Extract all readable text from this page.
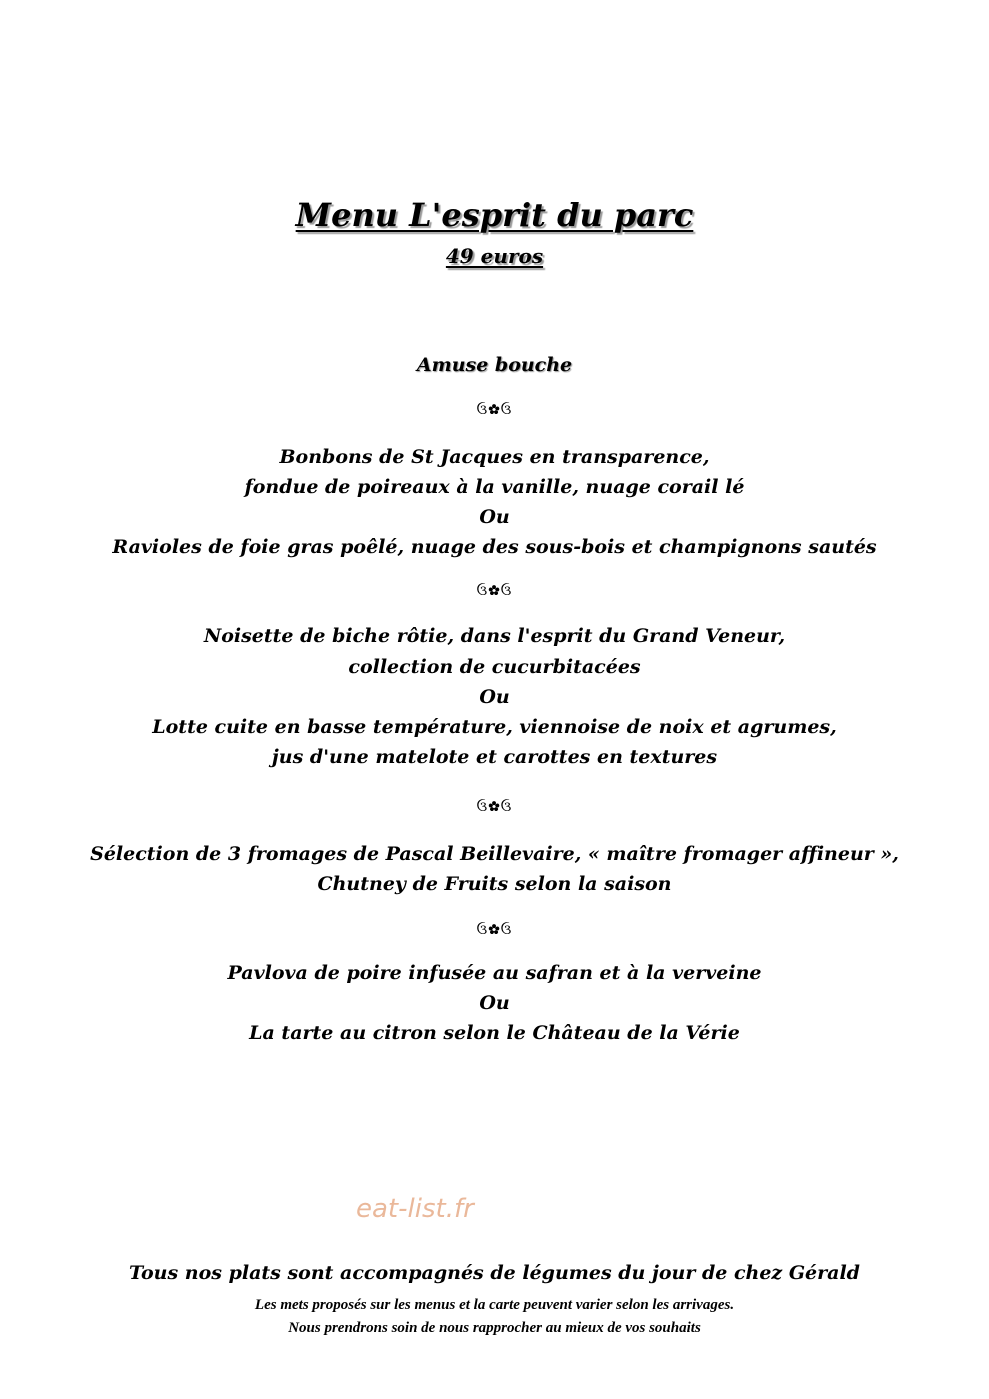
Menu L'esprit du parc
49 euros
Amuse bouche
ઉ✿ઉ
Bonbons de St Jacques en transparence,
fondue de poireaux à la vanille, nuage corail lé
Ou
Ravioles de foie gras poêlé, nuage des sous-bois et champignons sautés
ઉ✿ઉ
Noisette de biche rôtie, dans l'esprit du Grand Veneur,
collection de cucurbitacées
Ou
Lotte cuite en basse température, viennoise de noix et agrumes,
jus d'une matelote et carottes en textures
ઉ✿ઉ
Sélection de 3 fromages de Pascal Beillevaire, « maître fromager affineur »,
Chutney de Fruits selon la saison
ઉ✿ઉ
Pavlova de poire infusée au safran et à la verveine
Ou
La tarte au citron selon le Château de la Vérie
eat-list.fr
Tous nos plats sont accompagnés de légumes du jour de chez Gérald
Les mets proposés sur les menus et la carte peuvent varier selon les arrivages.
Nous prendrons soin de nous rapprocher au mieux de vos souhaits
